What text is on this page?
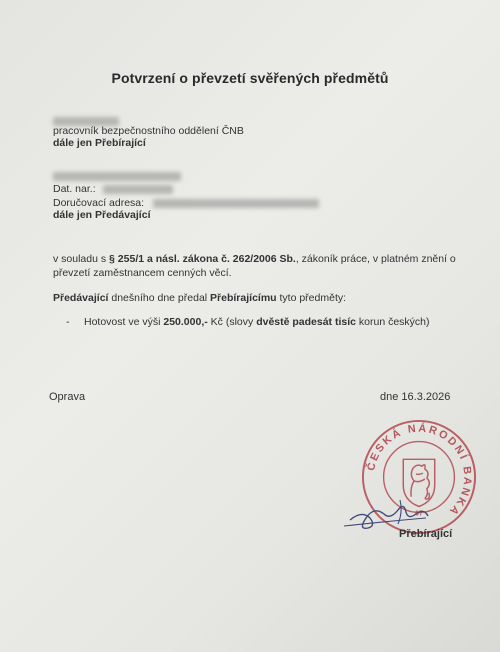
Potvrzení o převzetí svěřených předmětů
pracovník bezpečnostního oddělení ČNB
dále jen Přebírající
Dat. nar.:
Doručovací adresa:
dále jen Předávající
v souladu s § 255/1 a násl. zákona č. 262/2006 Sb., zákoník práce, v platném znění o
převzetí zaměstnancem cenných věcí.
Předávající dnešního dne předal Přebírajícímu tyto předměty:
- Hotovost ve výši 250.000,- Kč (slovy dvěstě padesát tisíc korun českých)
Oprava	dne 16.3.2026
ČESKÁ NÁRODNÍ BANKA
07
Přebírající
